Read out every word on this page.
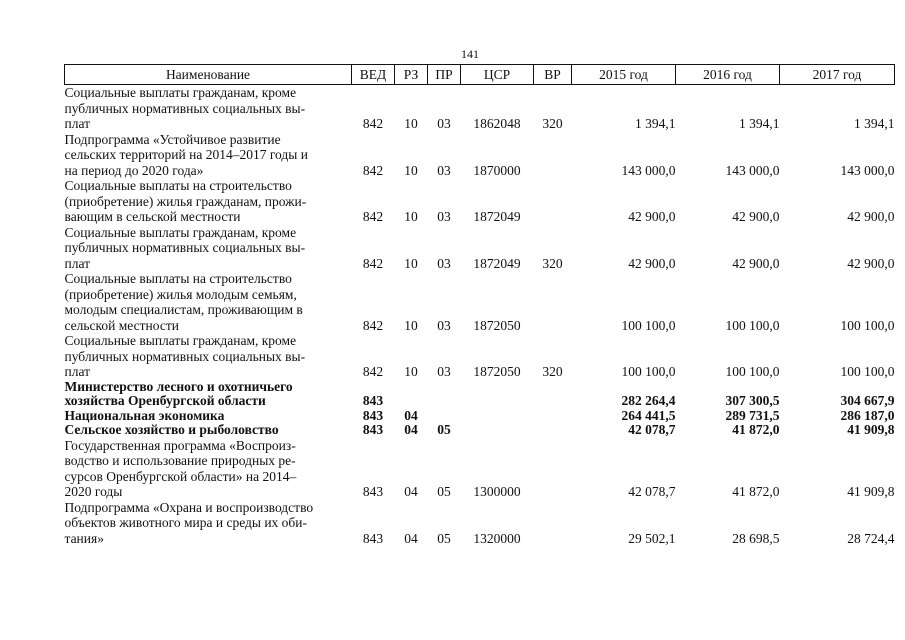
141
Наименование	ВЕД	РЗ	ПР	ЦСР	ВР	2015 год	2016 год	2017 год

Социальные выплаты гражданам, кроме
публичных нормативных социальных вы-
плат	842	10	03	1862048	320	1 394,1	1 394,1	1 394,1

Подпрограмма «Устойчивое развитие
сельских территорий на 2014–2017 годы и
на период до 2020 года»	842	10	03	1870000		143 000,0	143 000,0	143 000,0

Социальные выплаты на строительство
(приобретение) жилья гражданам, прожи-
вающим в сельской местности	842	10	03	1872049		42 900,0	42 900,0	42 900,0

Социальные выплаты гражданам, кроме
публичных нормативных социальных вы-
плат	842	10	03	1872049	320	42 900,0	42 900,0	42 900,0

Социальные выплаты на строительство
(приобретение) жилья молодым семьям,
молодым специалистам, проживающим в
сельской местности	842	10	03	1872050		100 100,0	100 100,0	100 100,0

Социальные выплаты гражданам, кроме
публичных нормативных социальных вы-
плат	842	10	03	1872050	320	100 100,0	100 100,0	100 100,0

Министерство лесного и охотничьего
хозяйства Оренбургской области	843					282 264,4	307 300,5	304 667,9

Национальная экономика	843	04				264 441,5	289 731,5	286 187,0

Сельское хозяйство и рыболовство	843	04	05			42 078,7	41 872,0	41 909,8

Государственная программа «Воспроиз-
водство и использование природных ре-
сурсов Оренбургской области» на 2014–
2020 годы	843	04	05	1300000		42 078,7	41 872,0	41 909,8

Подпрограмма «Охрана и воспроизводство
объектов животного мира и среды их оби-
тания»	843	04	05	1320000		29 502,1	28 698,5	28 724,4
